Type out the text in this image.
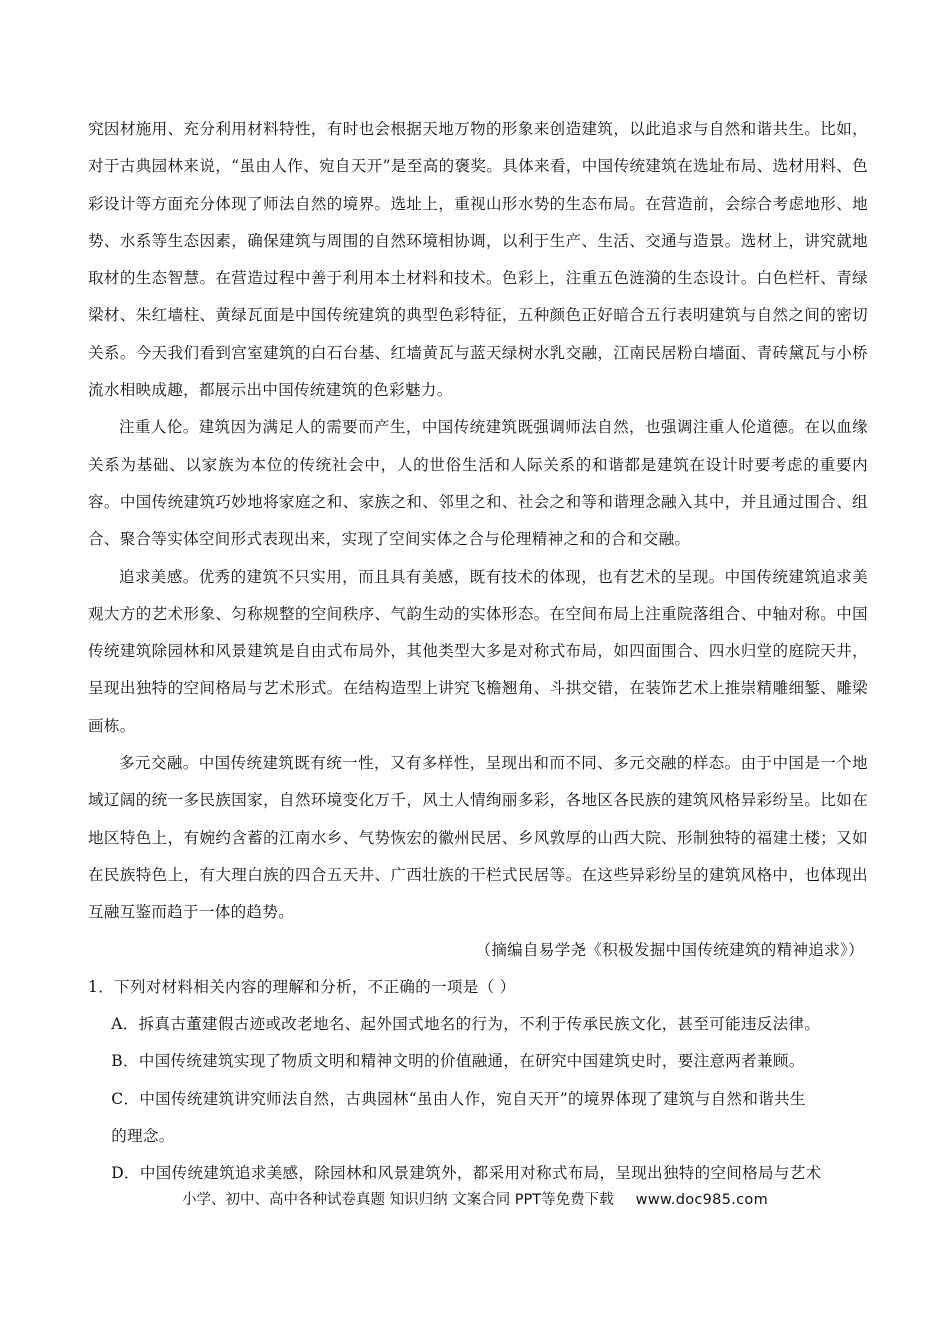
究因材施用、充分利用材料特性，有时也会根据天地万物的形象来创造建筑，以此追求与自然和谐共生。比如，对于古典园林来说，“虽由人作、宛自天开”是至高的褒奖。具体来看，中国传统建筑在选址布局、选材用料、色彩设计等方面充分体现了师法自然的境界。选址上，重视山形水势的生态布局。在营造前，会综合考虑地形、地势、水系等生态因素，确保建筑与周围的自然环境相协调，以利于生产、生活、交通与造景。选材上，讲究就地取材的生态智慧。在营造过程中善于利用本土材料和技术。色彩上，注重五色涟漪的生态设计。白色栏杆、青绿梁材、朱红墙柱、黄绿瓦面是中国传统建筑的典型色彩特征，五种颜色正好暗合五行表明建筑与自然之间的密切关系。今天我们看到宫室建筑的白石台基、红墙黄瓦与蓝天绿树水乳交融，江南民居粉白墙面、青砖黛瓦与小桥流水相映成趣，都展示出中国传统建筑的色彩魅力。

注重人伦。建筑因为满足人的需要而产生，中国传统建筑既强调师法自然，也强调注重人伦道德。在以血缘关系为基础、以家族为本位的传统社会中，人的世俗生活和人际关系的和谐都是建筑在设计时要考虑的重要内容。中国传统建筑巧妙地将家庭之和、家族之和、邻里之和、社会之和等和谐理念融入其中，并且通过围合、组合、聚合等实体空间形式表现出来，实现了空间实体之合与伦理精神之和的合和交融。

追求美感。优秀的建筑不只实用，而且具有美感，既有技术的体现，也有艺术的呈现。中国传统建筑追求美观大方的艺术形象、匀称规整的空间秩序、气韵生动的实体形态。在空间布局上注重院落组合、中轴对称。中国传统建筑除园林和风景建筑是自由式布局外，其他类型大多是对称式布局，如四面围合、四水归堂的庭院天井，呈现出独特的空间格局与艺术形式。在结构造型上讲究飞檐翘角、斗拱交错，在装饰艺术上推崇精雕细錾、雕梁画栋。

多元交融。中国传统建筑既有统一性，又有多样性，呈现出和而不同、多元交融的样态。由于中国是一个地域辽阔的统一多民族国家，自然环境变化万千，风土人情绚丽多彩，各地区各民族的建筑风格异彩纷呈。比如在地区特色上，有婉约含蓄的江南水乡、气势恢宏的徽州民居、乡风敦厚的山西大院、形制独特的福建土楼；又如在民族特色上，有大理白族的四合五天井、广西壮族的干栏式民居等。在这些异彩纷呈的建筑风格中，也体现出互融互鉴而趋于一体的趋势。

（摘编自易学尧《积极发掘中国传统建筑的精神追求》）

1．下列对材料相关内容的理解和分析，不正确的一项是（ ）

A．拆真古董建假古迹或改老地名、起外国式地名的行为，不利于传承民族文化，甚至可能违反法律。

B．中国传统建筑实现了物质文明和精神文明的价值融通，在研究中国建筑史时，要注意两者兼顾。

C．中国传统建筑讲究师法自然，古典园林“虽由人作，宛自天开”的境界体现了建筑与自然和谐共生

的理念。

D．中国传统建筑追求美感，除园林和风景建筑外，都采用对称式布局，呈现出独特的空间格局与艺术

小学、初中、高中各种试卷真题 知识归纳 文案合同 PPT等免费下载 www.doc985.com
